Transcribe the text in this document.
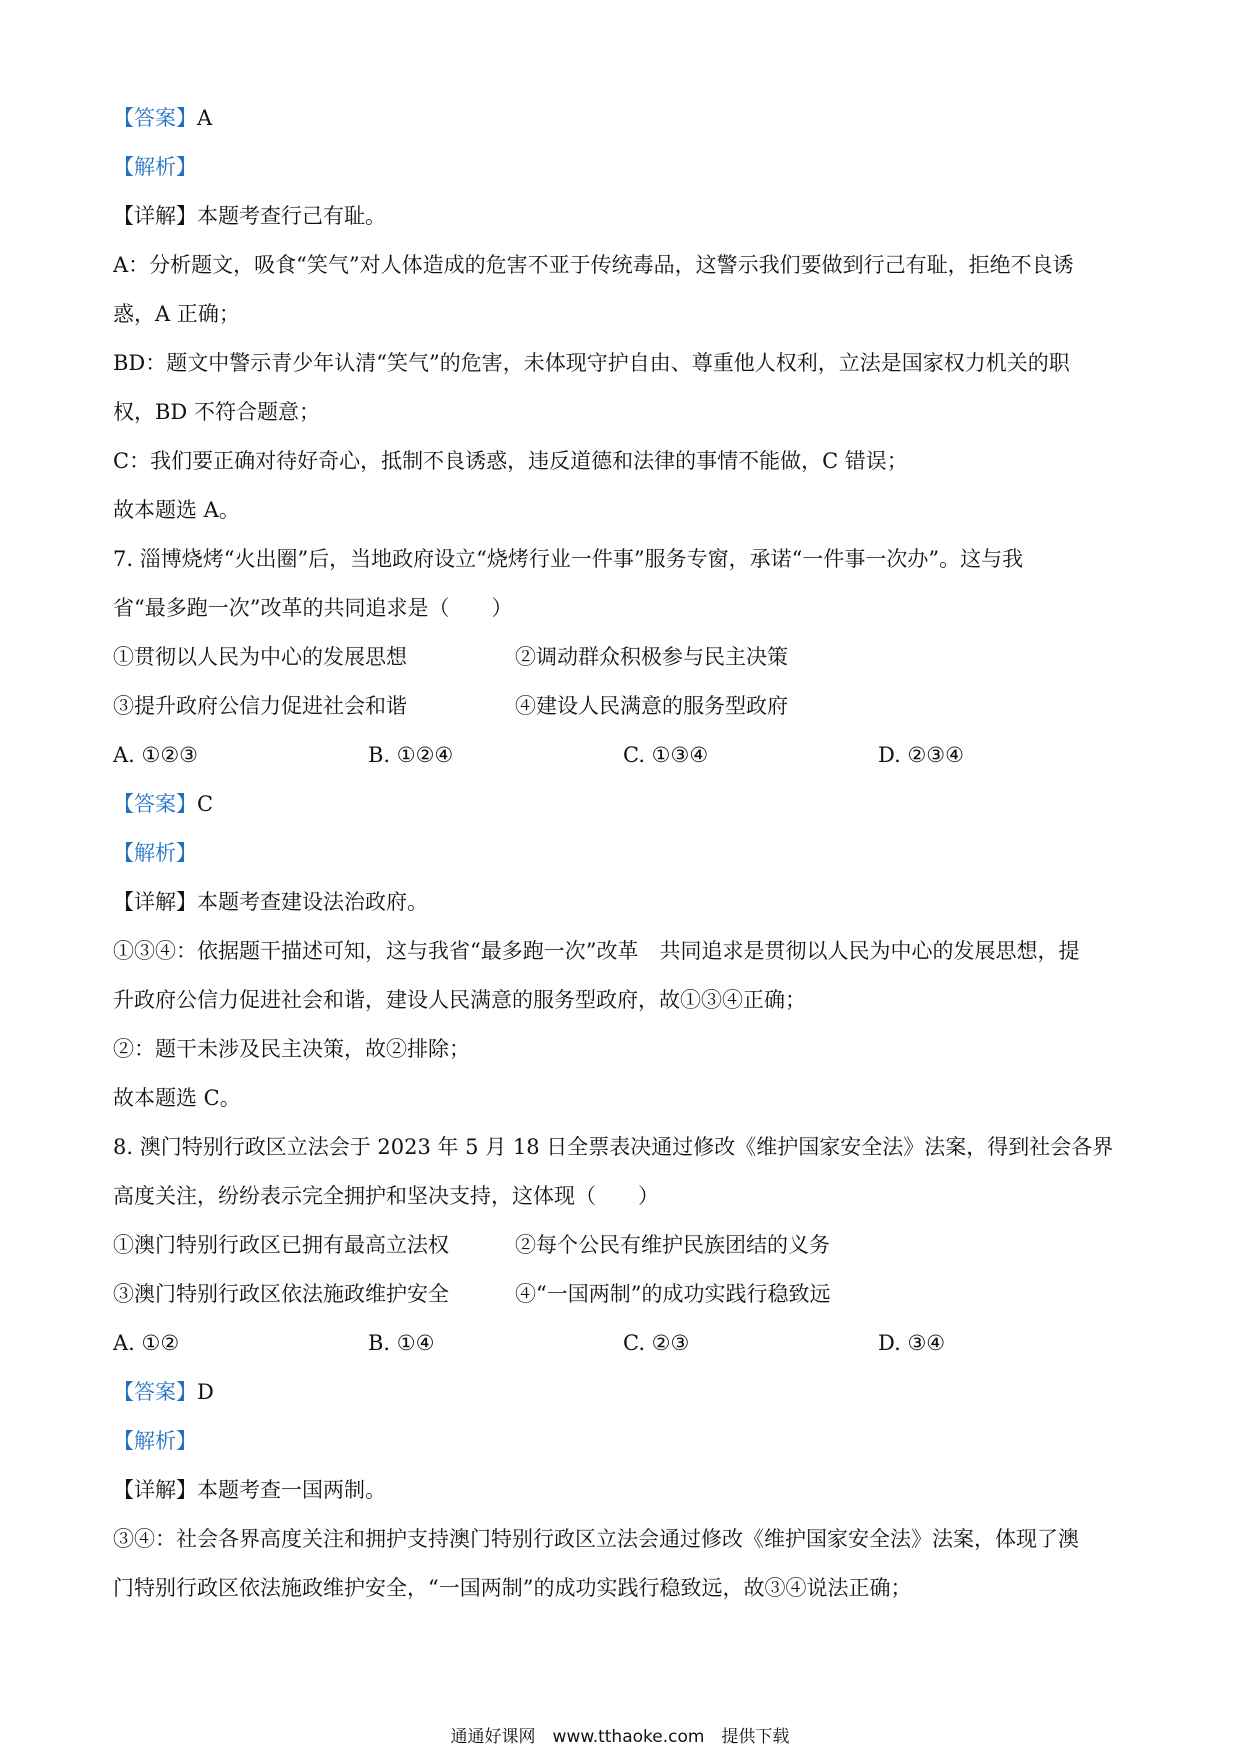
【答案】A
【解析】
【详解】本题考查行己有耻。
A：分析题文，吸食“笑气”对人体造成的危害不亚于传统毒品，这警示我们要做到行己有耻，拒绝不良诱
惑，A 正确；
BD：题文中警示青少年认清“笑气”的危害，未体现守护自由、尊重他人权利，立法是国家权力机关的职
权，BD 不符合题意；
C：我们要正确对待好奇心，抵制不良诱惑，违反道德和法律的事情不能做，C 错误；
故本题选 A。
7. 淄博烧烤“火出圈”后，当地政府设立“烧烤行业一件事”服务专窗，承诺“一件事一次办”。这与我
省“最多跑一次”改革的共同追求是（　　）
①贯彻以人民为中心的发展思想	②调动群众积极参与民主决策
③提升政府公信力促进社会和谐	④建设人民满意的服务型政府
A. ①②③	B. ①②④	C. ①③④	D. ②③④
【答案】C
【解析】
【详解】本题考查建设法治政府。
①③④：依据题干描述可知，这与我省“最多跑一次”改革　共同追求是贯彻以人民为中心的发展思想，提
升政府公信力促进社会和谐，建设人民满意的服务型政府，故①③④正确；
②：题干未涉及民主决策，故②排除；
故本题选 C。
8. 澳门特别行政区立法会于 2023 年 5 月 18 日全票表决通过修改《维护国家安全法》法案，得到社会各界
高度关注，纷纷表示完全拥护和坚决支持，这体现（　　）
①澳门特别行政区已拥有最高立法权	②每个公民有维护民族团结的义务
③澳门特别行政区依法施政维护安全	④“一国两制”的成功实践行稳致远
A. ①②	B. ①④	C. ②③	D. ③④
【答案】D
【解析】
【详解】本题考查一国两制。
③④：社会各界高度关注和拥护支持澳门特别行政区立法会通过修改《维护国家安全法》法案，体现了澳
门特别行政区依法施政维护安全，“一国两制”的成功实践行稳致远，故③④说法正确；
通通好课网　www.tthaoke.com　提供下载
